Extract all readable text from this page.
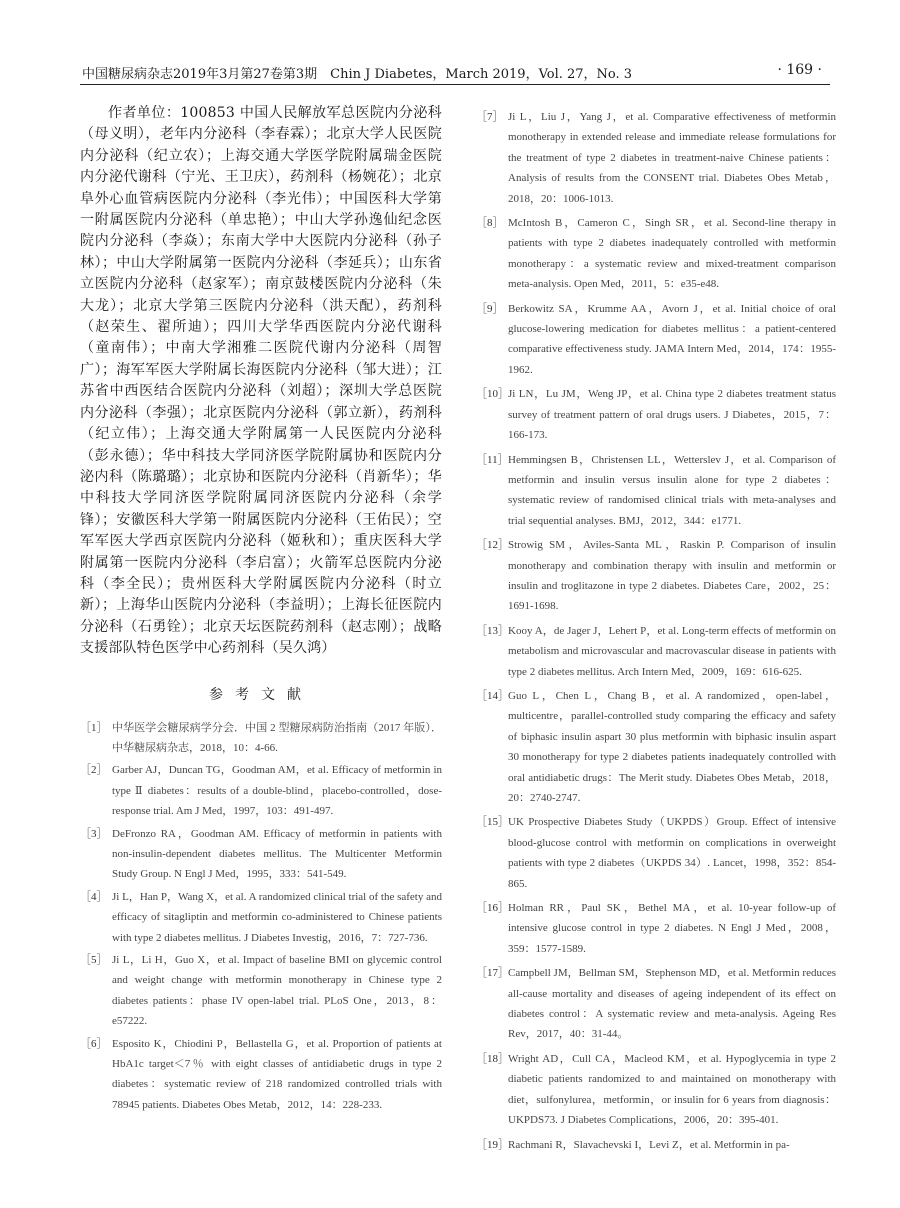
中国糖尿病杂志2019年3月第27卷第3期　Chin J Diabetes，March 2019，Vol. 27，No. 3	· 169 ·

作者单位：100853 中国人民解放军总医院内分泌科（母义明），老年内分泌科（李春霖）；北京大学人民医院内分泌科（纪立农）；上海交通大学医学院附属瑞金医院内分泌代谢科（宁光、王卫庆），药剂科（杨婉花）；北京阜外心血管病医院内分泌科（李光伟）；中国医科大学第一附属医院内分泌科（单忠艳）；中山大学孙逸仙纪念医院内分泌科（李焱）；东南大学中大医院内分泌科（孙子林）；中山大学附属第一医院内分泌科（李延兵）；山东省立医院内分泌科（赵家军）；南京鼓楼医院内分泌科（朱大龙）；北京大学第三医院内分泌科（洪天配），药剂科（赵荣生、翟所迪）；四川大学华西医院内分泌代谢科（童南伟）；中南大学湘雅二医院代谢内分泌科（周智广）；海军军医大学附属长海医院内分泌科（邹大进）；江苏省中西医结合医院内分泌科（刘超）；深圳大学总医院内分泌科（李强）；北京医院内分泌科（郭立新），药剂科（纪立伟）；上海交通大学附属第一人民医院内分泌科（彭永德）；华中科技大学同济医学院附属协和医院内分泌内科（陈璐璐）；北京协和医院内分泌科（肖新华）；华中科技大学同济医学院附属同济医院内分泌科（余学锋）；安徽医科大学第一附属医院内分泌科（王佑民）；空军军医大学西京医院内分泌科（姬秋和）；重庆医科大学附属第一医院内分泌科（李启富）；火箭军总医院内分泌科（李全民）；贵州医科大学附属医院内分泌科（时立新）；上海华山医院内分泌科（李益明）；上海长征医院内分泌科（石勇铨）；北京天坛医院药剂科（赵志刚）；战略支援部队特色医学中心药剂科（吴久鸿）

参考文献
［1］ 中华医学会糖尿病学分会．中国 2 型糖尿病防治指南（2017 年版）．中华糖尿病杂志，2018，10：4-66.
［2］ Garber AJ，Duncan TG，Goodman AM，et al. Efficacy of metformin in type Ⅱ diabetes：results of a double-blind，placebo-controlled，dose-response trial. Am J Med，1997，103：491-497.
［3］ DeFronzo RA，Goodman AM. Efficacy of metformin in patients with non-insulin-dependent diabetes mellitus. The Multicenter Metformin Study Group. N Engl J Med，1995，333：541-549.
［4］ Ji L，Han P，Wang X，et al. A randomized clinical trial of the safety and efficacy of sitagliptin and metformin co-administered to Chinese patients with type 2 diabetes mellitus. J Diabetes Investig，2016，7：727-736.
［5］ Ji L，Li H，Guo X，et al. Impact of baseline BMI on glycemic control and weight change with metformin monotherapy in Chinese type 2 diabetes patients：phase IV open-label trial. PLoS One，2013，8：e57222.
［6］ Esposito K，Chiodini P，Bellastella G，et al. Proportion of patients at HbA1c target＜7％ with eight classes of antidiabetic drugs in type 2 diabetes：systematic review of 218 randomized controlled trials with 78945 patients. Diabetes Obes Metab，2012，14：228-233.
［7］ Ji L，Liu J，Yang J，et al. Comparative effectiveness of metformin monotherapy in extended release and immediate release formulations for the treatment of type 2 diabetes in treatment-naive Chinese patients：Analysis of results from the CONSENT trial. Diabetes Obes Metab，2018，20：1006-1013.
［8］ McIntosh B，Cameron C，Singh SR，et al. Second-line therapy in patients with type 2 diabetes inadequately controlled with metformin monotherapy：a systematic review and mixed-treatment comparison meta-analysis. Open Med，2011，5：e35-e48.
［9］ Berkowitz SA，Krumme AA，Avorn J，et al. Initial choice of oral glucose-lowering medication for diabetes mellitus：a patient-centered comparative effectiveness study. JAMA Intern Med，2014，174：1955-1962.
［10］ Ji LN，Lu JM，Weng JP，et al. China type 2 diabetes treatment status survey of treatment pattern of oral drugs users. J Diabetes，2015，7：166-173.
［11］ Hemmingsen B，Christensen LL，Wetterslev J，et al. Comparison of metformin and insulin versus insulin alone for type 2 diabetes：systematic review of randomised clinical trials with meta-analyses and trial sequential analyses. BMJ，2012，344：e1771.
［12］ Strowig SM，Aviles-Santa ML，Raskin P. Comparison of insulin monotherapy and combination therapy with insulin and metformin or insulin and troglitazone in type 2 diabetes. Diabetes Care，2002，25：1691-1698.
［13］ Kooy A，de Jager J，Lehert P，et al. Long-term effects of metformin on metabolism and microvascular and macrovascular disease in patients with type 2 diabetes mellitus. Arch Intern Med，2009，169：616-625.
［14］ Guo L，Chen L，Chang B，et al. A randomized，open-label，multicentre，parallel-controlled study comparing the efficacy and safety of biphasic insulin aspart 30 plus metformin with biphasic insulin aspart 30 monotherapy for type 2 diabetes patients inadequately controlled with oral antidiabetic drugs：The Merit study. Diabetes Obes Metab，2018，20：2740-2747.
［15］ UK Prospective Diabetes Study（UKPDS）Group. Effect of intensive blood-glucose control with metformin on complications in overweight patients with type 2 diabetes（UKPDS 34）. Lancet，1998，352：854-865.
［16］ Holman RR，Paul SK，Bethel MA，et al. 10-year follow-up of intensive glucose control in type 2 diabetes. N Engl J Med，2008，359：1577-1589.
［17］ Campbell JM，Bellman SM，Stephenson MD，et al. Metformin reduces all-cause mortality and diseases of ageing independent of its effect on diabetes control：A systematic review and meta-analysis. Ageing Res Rev，2017，40：31-44。
［18］ Wright AD，Cull CA，Macleod KM，et al. Hypoglycemia in type 2 diabetic patients randomized to and maintained on monotherapy with diet，sulfonylurea，metformin，or insulin for 6 years from diagnosis：UKPDS73. J Diabetes Complications，2006，20：395-401.
［19］ Rachmani R，Slavachevski I，Levi Z，et al. Metformin in pa-
